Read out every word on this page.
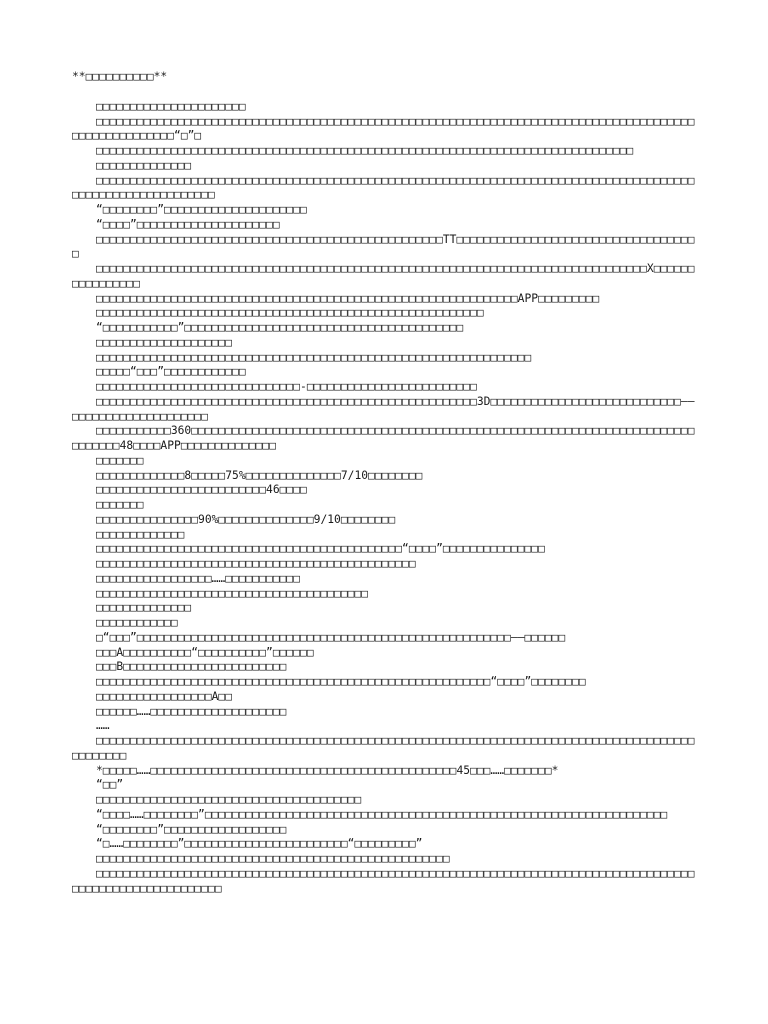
**□□□□□□□□□□**

□□□□□□□□□□□□□□□□□□□□□□

□□□□□□□□□□□□□□□□□□□□□□□□□□□□□□□□□□□□□□□□□□□□□□□□□□□□□□□□□□□□□□□□□□□□□□□□□□□□□□□□□□□□□□□□□□□□□□□□□□□□□□□“□”□

□□□□□□□□□□□□□□□□□□□□□□□□□□□□□□□□□□□□□□□□□□□□□□□□□□□□□□□□□□□□□□□□□□□□□□□□□□□□□□□

□□□□□□□□□□□□□□

□□□□□□□□□□□□□□□□□□□□□□□□□□□□□□□□□□□□□□□□□□□□□□□□□□□□□□□□□□□□□□□□□□□□□□□□□□□□□□□□□□□□□□□□□□□□□□□□□□□□□□□□□□□□□

“□□□□□□□□”□□□□□□□□□□□□□□□□□□□□□

“□□□□”□□□□□□□□□□□□□□□□□□□□□

□□□□□□□□□□□□□□□□□□□□□□□□□□□□□□□□□□□□□□□□□□□□□□□□□□□TT□□□□□□□□□□□□□□□□□□□□□□□□□□□□□□□□□□□□

□□□□□□□□□□□□□□□□□□□□□□□□□□□□□□□□□□□□□□□□□□□□□□□□□□□□□□□□□□□□□□□□□□□□□□□□□□□□□□□□□X□□□□□□□□□□□□□□□□

□□□□□□□□□□□□□□□□□□□□□□□□□□□□□□□□□□□□□□□□□□□□□□□□□□□□□□□□□□□□□□APP□□□□□□□□□

□□□□□□□□□□□□□□□□□□□□□□□□□□□□□□□□□□□□□□□□□□□□□□□□□□□□□□□□□

“□□□□□□□□□□□”□□□□□□□□□□□□□□□□□□□□□□□□□□□□□□□□□□□□□□□□□

□□□□□□□□□□□□□□□□□□□□

□□□□□□□□□□□□□□□□□□□□□□□□□□□□□□□□□□□□□□□□□□□□□□□□□□□□□□□□□□□□□□□□

□□□□□“□□□”□□□□□□□□□□□□

□□□□□□□□□□□□□□□□□□□□□□□□□□□□□□-□□□□□□□□□□□□□□□□□□□□□□□□□

□□□□□□□□□□□□□□□□□□□□□□□□□□□□□□□□□□□□□□□□□□□□□□□□□□□□□□□□3D□□□□□□□□□□□□□□□□□□□□□□□□□□□□——□□□□□□□□□□□□□□□□□□□□

□□□□□□□□□□□360□□□□□□□□□□□□□□□□□□□□□□□□□□□□□□□□□□□□□□□□□□□□□□□□□□□□□□□□□□□□□□□□□□□□□□□□□□□□□□□□□48□□□□APP□□□□□□□□□□□□□□

□□□□□□□

□□□□□□□□□□□□□8□□□□□75%□□□□□□□□□□□□□□7/10□□□□□□□□

□□□□□□□□□□□□□□□□□□□□□□□□□46□□□□

□□□□□□□

□□□□□□□□□□□□□□□90%□□□□□□□□□□□□□□9/10□□□□□□□□

□□□□□□□□□□□□□

□□□□□□□□□□□□□□□□□□□□□□□□□□□□□□□□□□□□□□□□□□□□□“□□□□”□□□□□□□□□□□□□□□

□□□□□□□□□□□□□□□□□□□□□□□□□□□□□□□□□□□□□□□□□□□□□□□

□□□□□□□□□□□□□□□□□……□□□□□□□□□□□

□□□□□□□□□□□□□□□□□□□□□□□□□□□□□□□□□□□□□□□□

□□□□□□□□□□□□□□

□□□□□□□□□□□□

□“□□□”□□□□□□□□□□□□□□□□□□□□□□□□□□□□□□□□□□□□□□□□□□□□□□□□□□□□□□□——□□□□□□

□□□A□□□□□□□□□□“□□□□□□□□□□”□□□□□□

□□□B□□□□□□□□□□□□□□□□□□□□□□□□

□□□□□□□□□□□□□□□□□□□□□□□□□□□□□□□□□□□□□□□□□□□□□□□□□□□□□□□□□□“□□□□”□□□□□□□□

□□□□□□□□□□□□□□□□□A□□

□□□□□□……□□□□□□□□□□□□□□□□□□□□

……

□□□□□□□□□□□□□□□□□□□□□□□□□□□□□□□□□□□□□□□□□□□□□□□□□□□□□□□□□□□□□□□□□□□□□□□□□□□□□□□□□□□□□□□□□□□□□□□□

*□□□□□……□□□□□□□□□□□□□□□□□□□□□□□□□□□□□□□□□□□□□□□□□□□□□45□□□……□□□□□□□*

“□□”

□□□□□□□□□□□□□□□□□□□□□□□□□□□□□□□□□□□□□□□

“□□□□……□□□□□□□□”□□□□□□□□□□□□□□□□□□□□□□□□□□□□□□□□□□□□□□□□□□□□□□□□□□□□□□□□□□□□□□□□□□□□

“□□□□□□□□”□□□□□□□□□□□□□□□□□□

“□……□□□□□□□□”□□□□□□□□□□□□□□□□□□□□□□□□“□□□□□□□□□”

□□□□□□□□□□□□□□□□□□□□□□□□□□□□□□□□□□□□□□□□□□□□□□□□□□□□

□□□□□□□□□□□□□□□□□□□□□□□□□□□□□□□□□□□□□□□□□□□□□□□□□□□□□□□□□□□□□□□□□□□□□□□□□□□□□□□□□□□□□□□□□□□□□□□□□□□□□□□□□□□□□□
